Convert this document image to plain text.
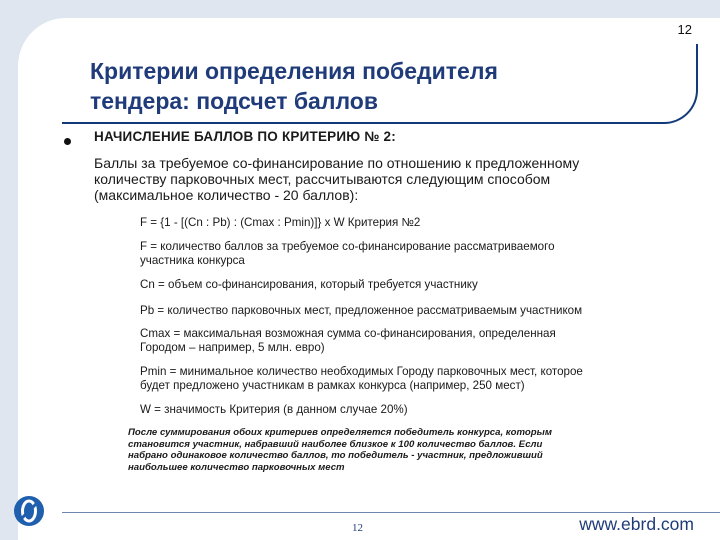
12
Критерии определения победителя
тендера: подсчет баллов
НАЧИСЛЕНИЕ БАЛЛОВ ПО КРИТЕРИЮ № 2:
Баллы за требуемое со-финансирование по отношению к предложенному
количеству парковочных мест, рассчитываются следующим способом
(максимальное количество - 20 баллов):
F = {1 - [(Cn : Pb) : (Cmax : Pmin)]} x W Критерия №2
F = количество баллов за требуемое со-финансирование рассматриваемого
участника конкурса
Cn = объем со-финансирования, который требуется участнику
Pb = количество парковочных мест, предложенное рассматриваемым участником
Cmax = максимальная возможная сумма со-финансирования, определенная
Городом – например, 5 млн. евро)
Pmin = минимальное количество необходимых Городу парковочных мест, которое
будет предложено участникам в рамках конкурса (например, 250 мест)
W = значимость Критерия (в данном случае 20%)
После суммирования обоих критериев определяется победитель конкурса, которым
становится участник, набравший наиболее близкое к 100 количество баллов. Если
набрано одинаковое количество баллов, то победитель - участник, предложивший
наибольшее количество парковочных мест
12	www.ebrd.com
